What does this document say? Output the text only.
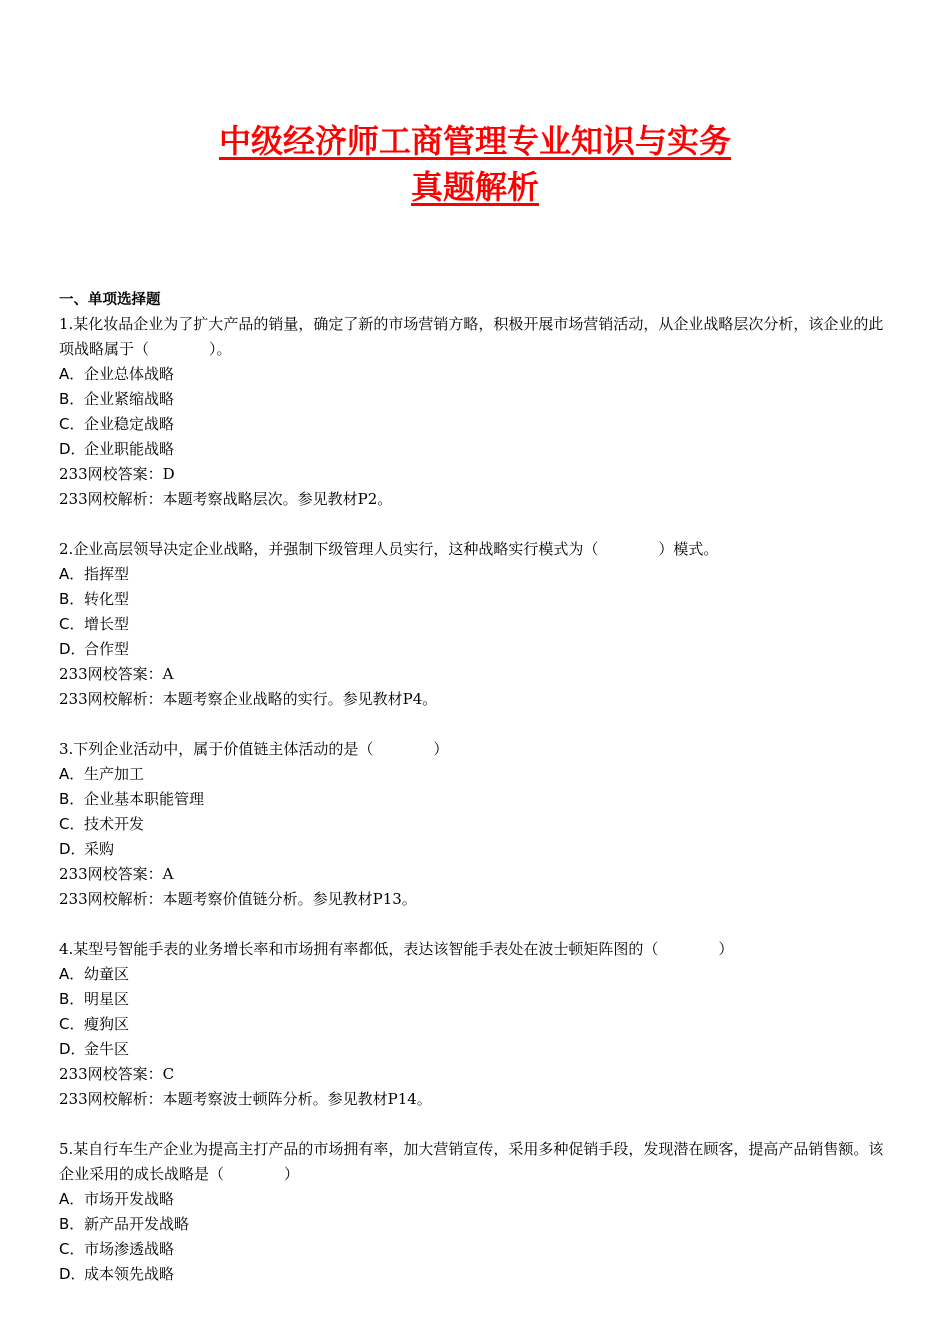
中级经济师工商管理专业知识与实务
真题解析
一、单项选择题
1.某化妆品企业为了扩大产品的销量，确定了新的市场营销方略，积极开展市场营销活动，从企业战略层次分析，该企业的此项战略属于（　　　　）。
A．企业总体战略
B．企业紧缩战略
C．企业稳定战略
D．企业职能战略
233网校答案：D
233网校解析：本题考察战略层次。参见教材P2。
2.企业高层领导决定企业战略，并强制下级管理人员实行，这种战略实行模式为（　　　　）模式。
A．指挥型
B．转化型
C．增长型
D．合作型
233网校答案：A
233网校解析：本题考察企业战略的实行。参见教材P4。
3.下列企业活动中，属于价值链主体活动的是（　　　　）
A．生产加工
B．企业基本职能管理
C．技术开发
D．采购
233网校答案：A
233网校解析：本题考察价值链分析。参见教材P13。
4.某型号智能手表的业务增长率和市场拥有率都低，表达该智能手表处在波士顿矩阵图的（　　　　）
A．幼童区
B．明星区
C．瘦狗区
D．金牛区
233网校答案：C
233网校解析：本题考察波士顿阵分析。参见教材P14。
5.某自行车生产企业为提高主打产品的市场拥有率，加大营销宣传，采用多种促销手段，发现潜在顾客，提高产品销售额。该企业采用的成长战略是（　　　　）
A．市场开发战略
B．新产品开发战略
C．市场渗透战略
D．成本领先战略
